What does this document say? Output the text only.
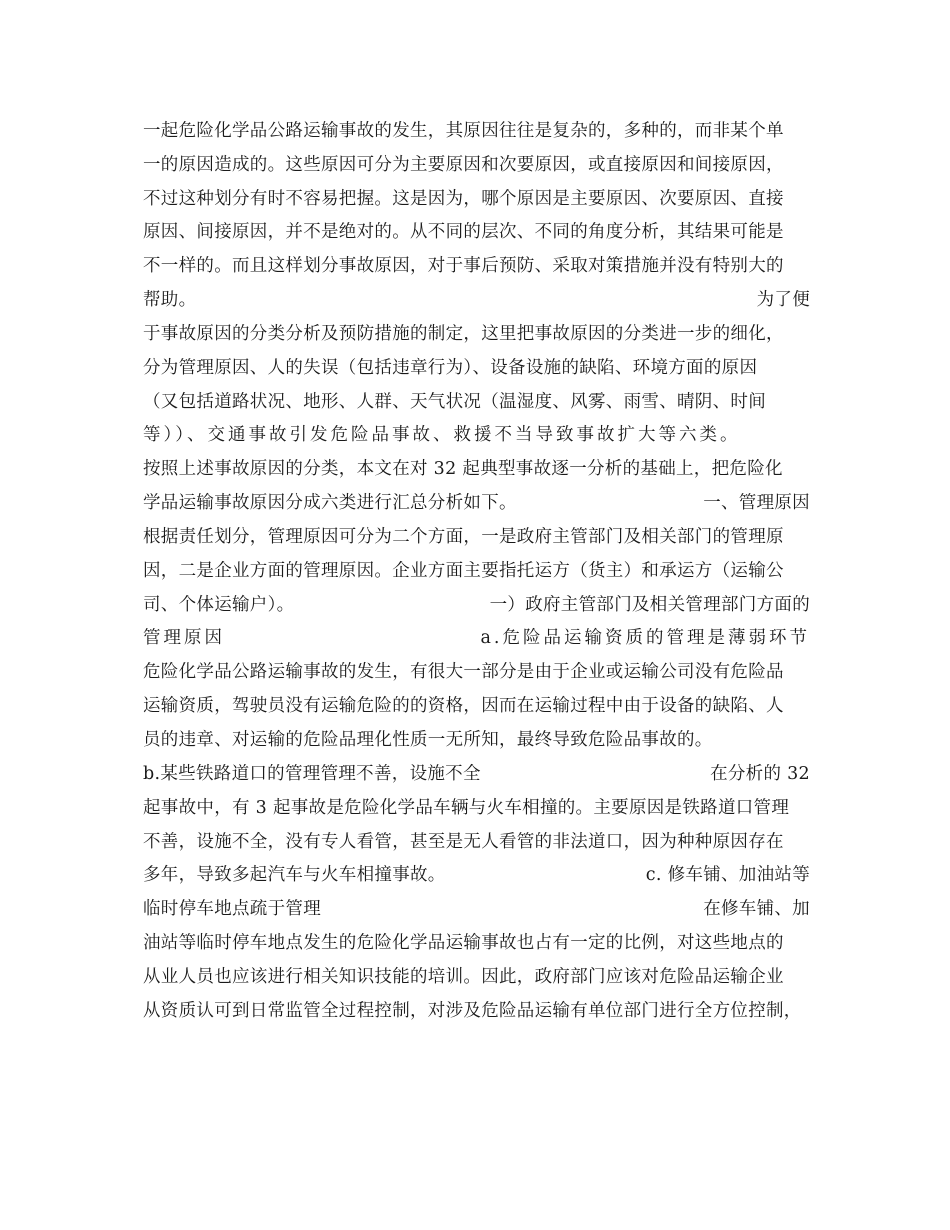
一起危险化学品公路运输事故的发生，其原因往往是复杂的，多种的，而非某个单
一的原因造成的。这些原因可分为主要原因和次要原因，或直接原因和间接原因，
不过这种划分有时不容易把握。这是因为，哪个原因是主要原因、次要原因、直接
原因、间接原因，并不是绝对的。从不同的层次、不同的角度分析，其结果可能是
不一样的。而且这样划分事故原因，对于事后预防、采取对策措施并没有特别大的
帮助。	为了便
于事故原因的分类分析及预防措施的制定，这里把事故原因的分类进一步的细化，
分为管理原因、人的失误（包括违章行为）、设备设施的缺陷、环境方面的原因
（又包括道路状况、地形、人群、天气状况（温湿度、风雾、雨雪、晴阴、时间
等））、交通事故引发危险品事故、救援不当导致事故扩大等六类。
按照上述事故原因的分类，本文在对 32 起典型事故逐一分析的基础上，把危险化
学品运输事故原因分成六类进行汇总分析如下。	一、管理原因
根据责任划分，管理原因可分为二个方面，一是政府主管部门及相关部门的管理原
因，二是企业方面的管理原因。企业方面主要指托运方（货主）和承运方（运输公
司、个体运输户）。	一）政府主管部门及相关管理部门方面的
管理原因	a.危险品运输资质的管理是薄弱环节
危险化学品公路运输事故的发生，有很大一部分是由于企业或运输公司没有危险品
运输资质，驾驶员没有运输危险的的资格，因而在运输过程中由于设备的缺陷、人
员的违章、对运输的危险品理化性质一无所知，最终导致危险品事故的。
b.某些铁路道口的管理管理不善，设施不全	在分析的 32
起事故中，有 3 起事故是危险化学品车辆与火车相撞的。主要原因是铁路道口管理
不善，设施不全，没有专人看管，甚至是无人看管的非法道口，因为种种原因存在
多年，导致多起汽车与火车相撞事故。	c. 修车铺、加油站等
临时停车地点疏于管理	在修车铺、加
油站等临时停车地点发生的危险化学品运输事故也占有一定的比例，对这些地点的
从业人员也应该进行相关知识技能的培训。因此，政府部门应该对危险品运输企业
从资质认可到日常监管全过程控制，对涉及危险品运输有单位部门进行全方位控制，
